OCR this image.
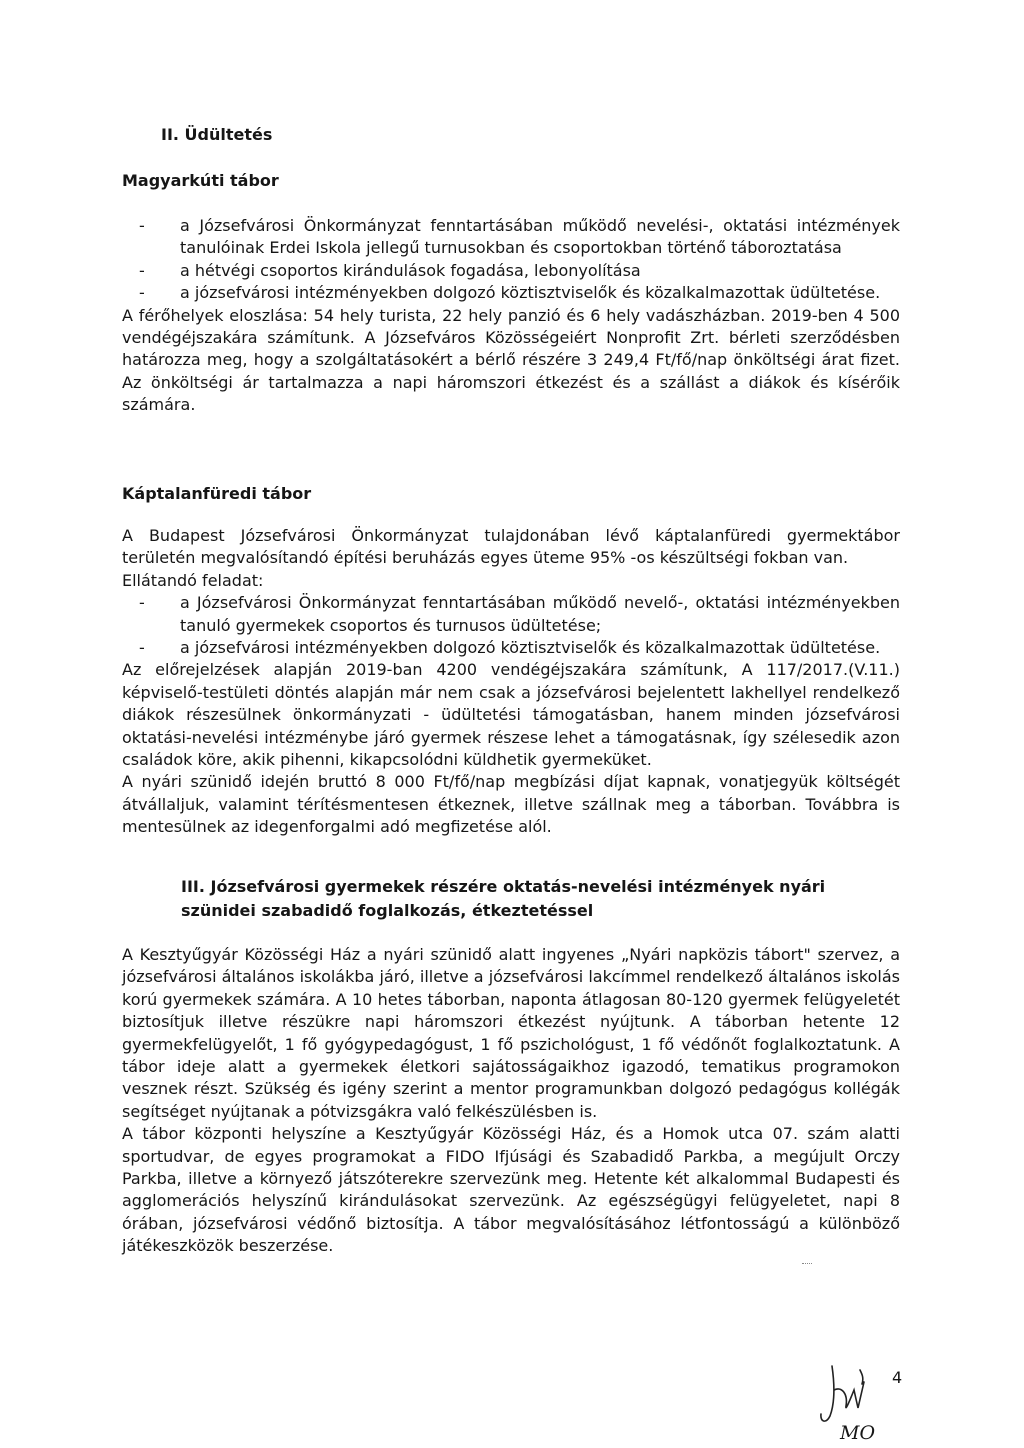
II. Üdültetés
Magyarkúti tábor
- a Józsefvárosi Önkormányzat fenntartásában működő nevelési-, oktatási intézmények tanulóinak Erdei Iskola jellegű turnusokban és csoportokban történő táboroztatása
- a hétvégi csoportos kirándulások fogadása, lebonyolítása
- a józsefvárosi intézményekben dolgozó köztisztviselők és közalkalmazottak üdültetése.

A férőhelyek eloszlása: 54 hely turista, 22 hely panzió és 6 hely vadászházban. 2019-ben 4 500 vendégéjszakára számítunk. A Józsefváros Közösségeiért Nonprofit Zrt. bérleti szerződésben határozza meg, hogy a szolgáltatásokért a bérlő részére 3 249,4 Ft/fő/nap önköltségi árat fizet. Az önköltségi ár tartalmazza a napi háromszori étkezést és a szállást a diákok és kísérőik számára.

Káptalanfüredi tábor

A Budapest Józsefvárosi Önkormányzat tulajdonában lévő káptalanfüredi gyermektábor területén megvalósítandó építési beruházás egyes üteme 95% -os készültségi fokban van.

Ellátandó feladat:

- a Józsefvárosi Önkormányzat fenntartásában működő nevelő-, oktatási intézményekben tanuló gyermekek csoportos és turnusos üdültetése;
- a józsefvárosi intézményekben dolgozó köztisztviselők és közalkalmazottak üdültetése.

Az előrejelzések alapján 2019-ban 4200 vendégéjszakára számítunk, A 117/2017.(V.11.) képviselő-testületi döntés alapján már nem csak a józsefvárosi bejelentett lakhellyel rendelkező diákok részesülnek önkormányzati - üdültetési támogatásban, hanem minden józsefvárosi oktatási-nevelési intézménybe járó gyermek részese lehet a támogatásnak, így szélesedik azon családok köre, akik pihenni, kikapcsolódni küldhetik gyermeküket.

A nyári szünidő idején bruttó 8 000 Ft/fő/nap megbízási díjat kapnak, vonatjegyük költségét átvállaljuk, valamint térítésmentesen étkeznek, illetve szállnak meg a táborban. Továbbra is mentesülnek az idegenforgalmi adó megfizetése alól.

III. Józsefvárosi gyermekek részére oktatás-nevelési intézmények nyári szünidei szabadidő foglalkozás, étkeztetéssel

A Kesztyűgyár Közösségi Ház a nyári szünidő alatt ingyenes „Nyári napközis tábort" szervez, a józsefvárosi általános iskolákba járó, illetve a józsefvárosi lakcímmel rendelkező általános iskolás korú gyermekek számára. A 10 hetes táborban, naponta átlagosan 80-120 gyermek felügyeletét biztosítjuk illetve részükre napi háromszori étkezést nyújtunk. A táborban hetente 12 gyermekfelügyelőt, 1 fő gyógypedagógust, 1 fő pszichológust, 1 fő védőnőt foglalkoztatunk. A tábor ideje alatt a gyermekek életkori sajátosságaikhoz igazodó, tematikus programokon vesznek részt. Szükség és igény szerint a mentor programunkban dolgozó pedagógus kollégák segítséget nyújtanak a pótvizsgákra való felkészülésben is.

A tábor központi helyszíne a Kesztyűgyár Közösségi Ház, és a Homok utca 07. szám alatti sportudvar, de egyes programokat a FIDO Ifjúsági és Szabadidő Parkba, a megújult Orczy Parkba, illetve a környező játszóterekre szervezünk meg. Hetente két alkalommal Budapesti és agglomerációs helyszínű kirándulásokat szervezünk. Az egészségügyi felügyeletet, napi 8 órában, józsefvárosi védőnő biztosítja. A tábor megvalósításához létfontosságú a különböző játékeszközök beszerzése.

4
MO
